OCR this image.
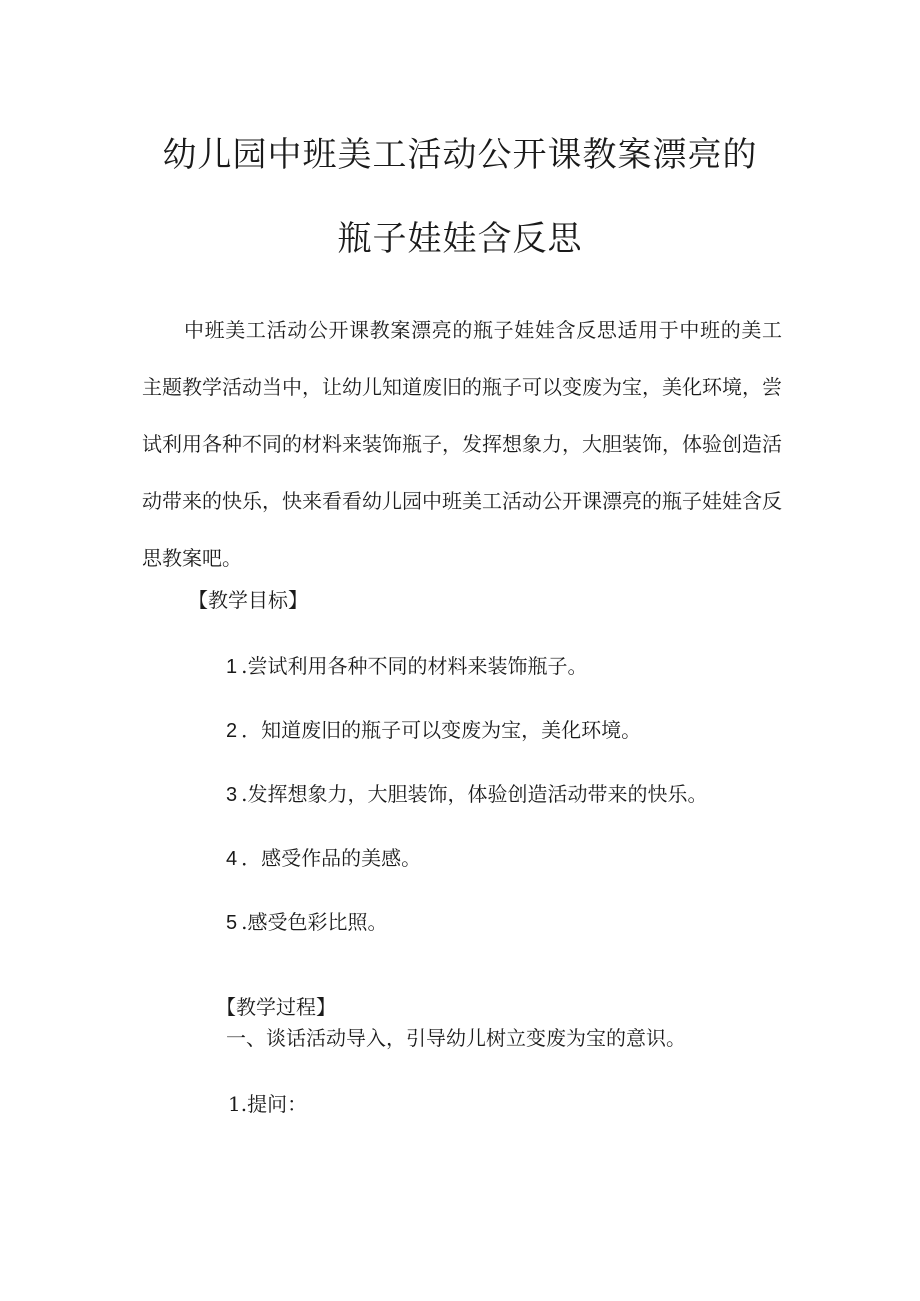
幼儿园中班美工活动公开课教案漂亮的
瓶子娃娃含反思

中班美工活动公开课教案漂亮的瓶子娃娃含反思适用于中班的美工主题教学活动当中，让幼儿知道废旧的瓶子可以变废为宝，美化环境，尝试利用各种不同的材料来装饰瓶子，发挥想象力，大胆装饰，体验创造活动带来的快乐，快来看看幼儿园中班美工活动公开课漂亮的瓶子娃娃含反思教案吧。

【教学目标】
1 .尝试利用各种不同的材料来装饰瓶子。
2 ．知道废旧的瓶子可以变废为宝，美化环境。
3 .发挥想象力，大胆装饰，体验创造活动带来的快乐。
4 ．感受作品的美感。
5 .感受色彩比照。
【教学过程】
一、谈话活动导入，引导幼儿树立变废为宝的意识。
1.提问：
